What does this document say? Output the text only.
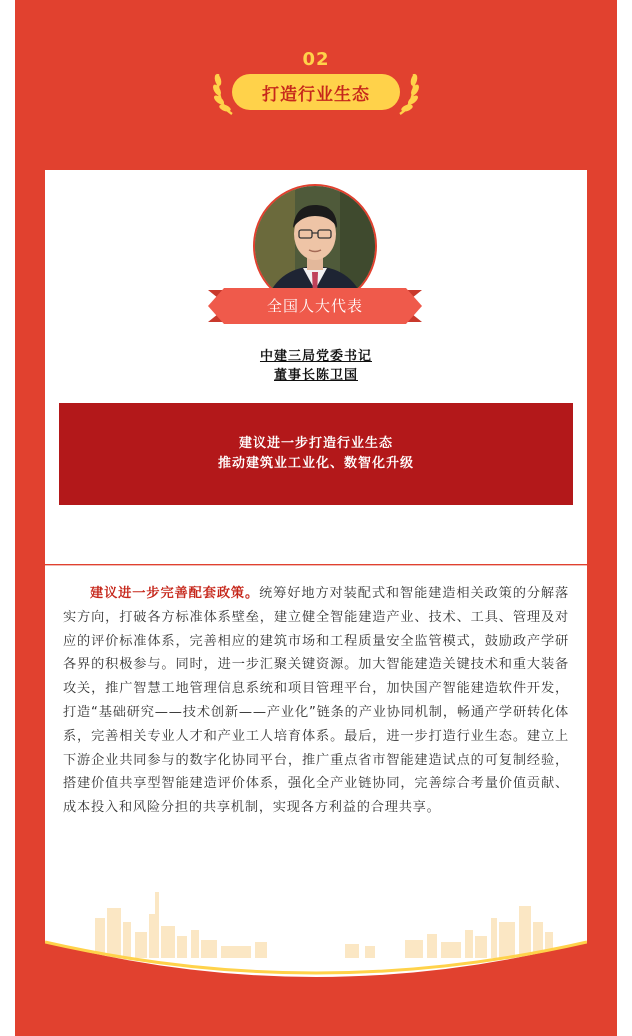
02
打造行业生态
全国人大代表
中建三局党委书记
董事长陈卫国
建议进一步打造行业生态
推动建筑业工业化、数智化升级
建议进一步完善配套政策。统筹好地方对装配式和智能建造相关政策的分解落实方向，打破各方标准体系壁垒，建立健全智能建造产业、技术、工具、管理及对应的评价标准体系，完善相应的建筑市场和工程质量安全监管模式，鼓励政产学研各界的积极参与。同时，进一步汇聚关键资源。加大智能建造关键技术和重大装备攻关，推广智慧工地管理信息系统和项目管理平台，加快国产智能建造软件开发，打造“基础研究——技术创新——产业化”链条的产业协同机制，畅通产学研转化体系，完善相关专业人才和产业工人培育体系。最后，进一步打造行业生态。建立上下游企业共同参与的数字化协同平台，推广重点省市智能建造试点的可复制经验，搭建价值共享型智能建造评价体系，强化全产业链协同，完善综合考量价值贡献、成本投入和风险分担的共享机制，实现各方利益的合理共享。
